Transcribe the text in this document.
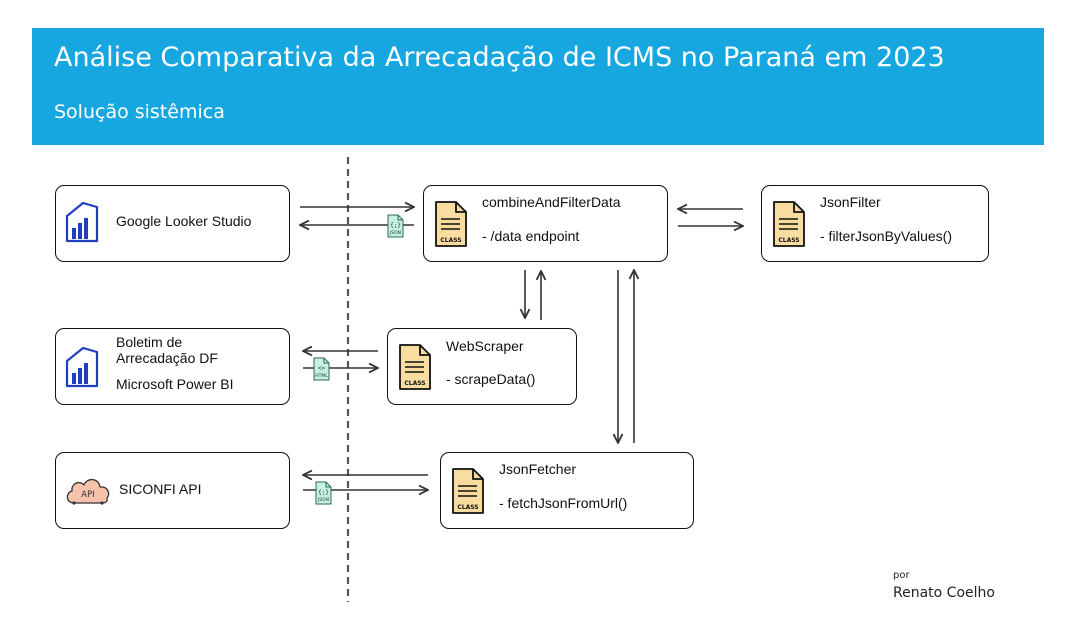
Análise Comparativa da Arrecadação de ICMS no Paraná em 2023
Solução sistêmica
{;}
JSON
<>
HTML
{;}
JSON
Google Looker Studio
Boletim de
Arrecadação DF
Microsoft Power BI
API SICONFI API
CLASS
combineAndFilterData
- /data endpoint	CLASS
JsonFilter
- filterJsonByValues()
CLASS
WebScraper
- scrapeData()
CLASS
JsonFetcher
- fetchJsonFromUrl()
por
Renato Coelho
